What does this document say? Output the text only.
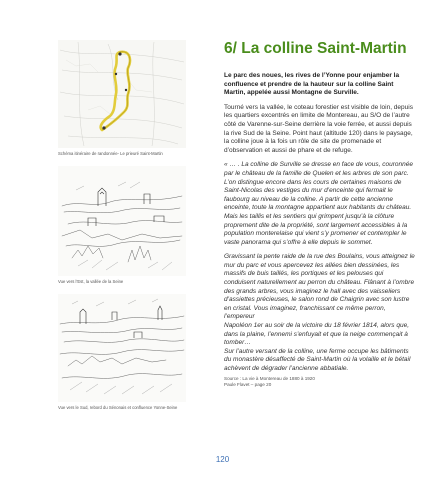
Schéma itinéraire de randonnée- Le prieuré Saint-Martin
Vue vers l’Est, la vallée de la Seine
Vue vers le Sud, rebord du Sénonais et confluence Yonne-Seine
6/ La colline Saint-Martin

Le parc des noues, les rives de l’Yonne pour enjamber la confluence et prendre de la hauteur sur la colline Saint Martin, appelée aussi Montagne de Surville.

Tourné vers la vallée, le coteau forestier est visible de loin, depuis les quartiers excentrés en limite de Montereau, au S/O de l’autre côté de Varenne-sur-Seine derrière la voie ferrée, et aussi depuis la rive Sud de la Seine. Point haut (altitude 120) dans le paysage, la colline joue à la fois un rôle de site de promenade et d’observation et aussi de phare et de refuge.

« … . La colline de Surville se dresse en face de vous, couronnée par le château de la famille de Quelen et les arbres de son parc. L’on distingue encore dans les cours de certaines maisons de Saint-Nicolas des vestiges du mur d’enceinte qui fermait le faubourg au niveau de la colline. A partir de cette ancienne enceinte, toute la montagne appartient aux habitants du château. Mais les taillis et les sentiers qui grimpent jusqu’à la clôture proprement dite de la propriété, sont largement accessibles à la population monterelaise qui vient s’y promener et contempler le vaste panorama qui s’offre à elle depuis le sommet.

Gravissant la pente raide de la rue des Boulains, vous atteignez le mur du parc et vous apercevez les allées bien dessinées, les massifs de buis taillés, les portiques et les pelouses qui conduisent naturellement au perron du château. Flânant à l’ombre des grands arbres, vous imaginez le hall avec des vaisseliers d’assiettes précieuses, le salon rond de Chaigrin avec son lustre en cristal. Vous imaginez, franchissant ce même perron, l’empereur

Napoléon 1er au soir de la victoire du 18 février 1814, alors que, dans la plaine, l’ennemi s’enfuyait et que la neige commençait à tomber…

Sur l’autre versant de la colline, une ferme occupe les bâtiments du monastère désaffecté de Saint-Martin où la volaille et le bétail achèvent de dégrader l’ancienne abbatiale.

Source : La vie à Montereau de 1880 à 1920

Paule Flavet – page 20

120
